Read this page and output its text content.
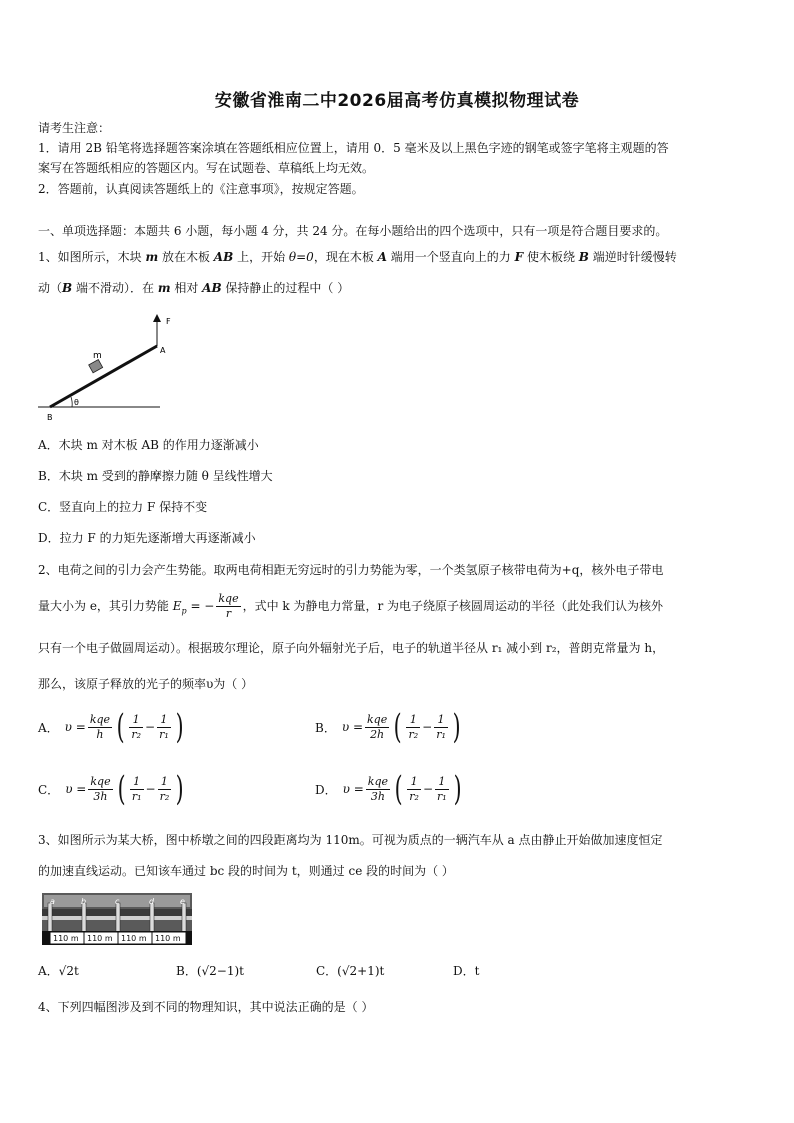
安徽省淮南二中2026届高考仿真模拟物理试卷
请考生注意：
1．请用 2B 铅笔将选择题答案涂填在答题纸相应位置上，请用 0．5 毫米及以上黑色字迹的钢笔或签字笔将主观题的答
案写在答题纸相应的答题区内。写在试题卷、草稿纸上均无效。
2．答题前，认真阅读答题纸上的《注意事项》，按规定答题。
一、单项选择题：本题共 6 小题，每小题 4 分，共 24 分。在每小题给出的四个选项中，只有一项是符合题目要求的。
1、如图所示，木块 m 放在木板 AB 上，开始 θ=0，现在木板 A 端用一个竖直向上的力 F 使木板绕 B 端逆时针缓慢转
动（B 端不滑动）．在 m 相对 AB 保持静止的过程中（ ）
F
A
B
m
θ
A．木块 m 对木板 AB 的作用力逐渐减小
B．木块 m 受到的静摩擦力随 θ 呈线性增大
C．竖直向上的拉力 F 保持不变
D．拉力 F 的力矩先逐渐增大再逐渐减小
2、电荷之间的引力会产生势能。取两电荷相距无穷远时的引力势能为零，一个类氢原子核带电荷为+q，核外电子带电
量大小为 e，其引力势能 $E_p$ = − $\frac{\text{kqe}}{r}$ ，式中 k 为静电力常量，r 为电子绕原子核圆周运动的半径（此处我们认为核外
只有一个电子做圆周运动）。根据玻尔理论，原子向外辐射光子后，电子的轨道半径从 r₁ 减小到 r₂，普朗克常量为 h，
那么，该原子释放的光子的频率υ为（ ）
A． $\upsilon = \frac{\text{kqe}}{h}$ ( $\frac{1}{\text{r₂}} - \frac{1}{\text{r₁}}$ )	B． $\upsilon = \frac{\text{kqe}}{2h}$ ( $\frac{1}{\text{r₂}} - \frac{1}{\text{r₁}}$ )
C． $\upsilon = \frac{\text{kqe}}{3h}$ ( $\frac{1}{\text{r₁}} - \frac{1}{\text{r₂}}$ )	D． $\upsilon = \frac{\text{kqe}}{3h}$ ( $\frac{1}{\text{r₂}} - \frac{1}{\text{r₁}}$ )
3、如图所示为某大桥，图中桥墩之间的四段距离均为 110m。可视为质点的一辆汽车从 a 点由静止开始做加速度恒定
的加速直线运动。已知该车通过 bc 段的时间为 t，则通过 ce 段的时间为（ ）
a	b	c	d	e
110 m 110 m 110 m 110 m
A．√2t	B．(√2−1)t	C．(√2+1)t	D．t
4、下列四幅图涉及到不同的物理知识，其中说法正确的是（ ）
